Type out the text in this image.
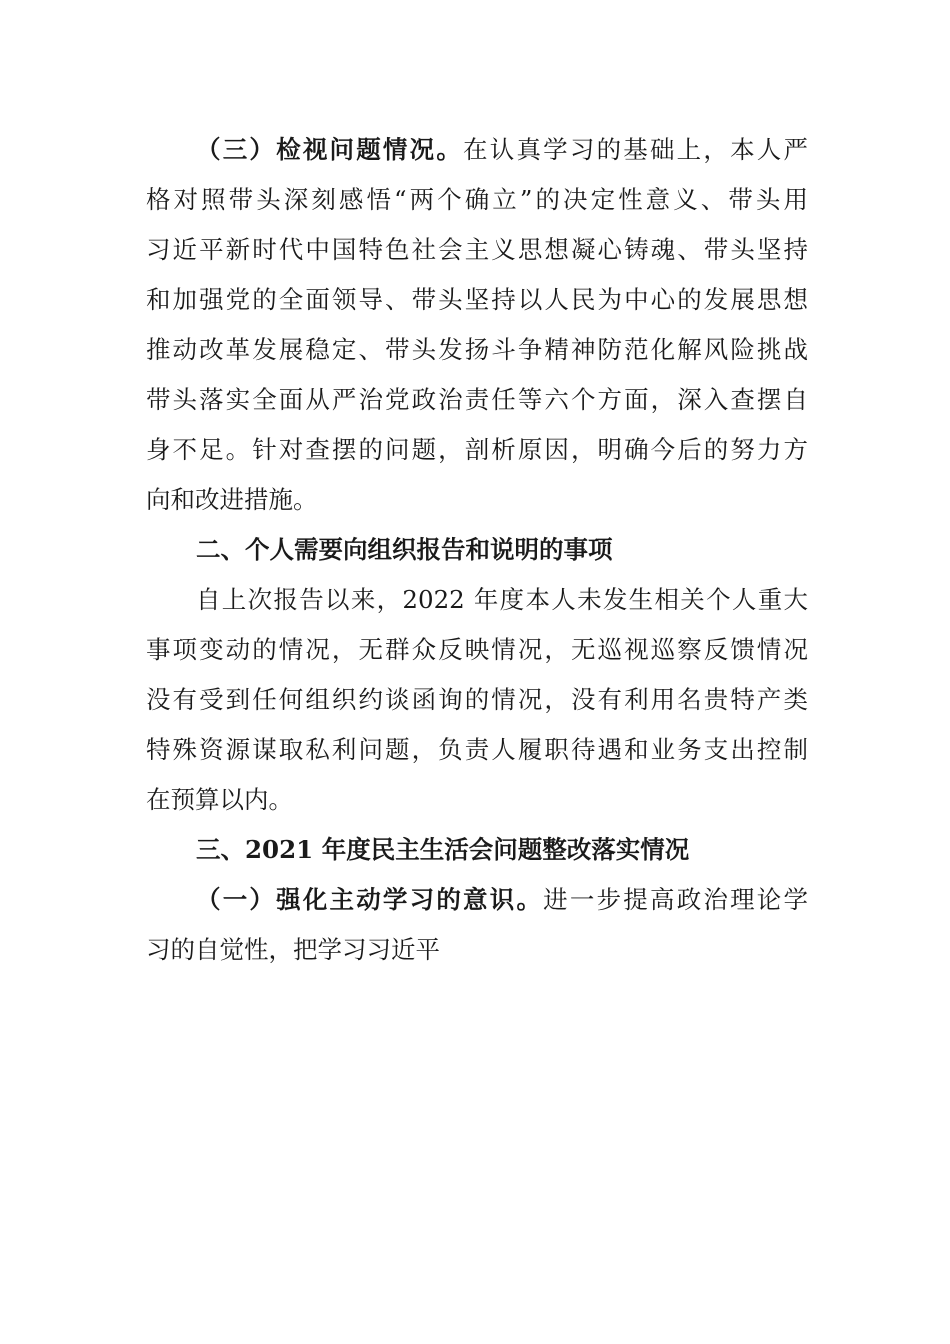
（三）检视问题情况。在认真学习的基础上，本人严
格对照带头深刻感悟“两个确立”的决定性意义、带头用
习近平新时代中国特色社会主义思想凝心铸魂、带头坚持
和加强党的全面领导、带头坚持以人民为中心的发展思想
推动改革发展稳定、带头发扬斗争精神防范化解风险挑战
带头落实全面从严治党政治责任等六个方面，深入查摆自
身不足。针对查摆的问题，剖析原因，明确今后的努力方
向和改进措施。
二、个人需要向组织报告和说明的事项
自上次报告以来，2022 年度本人未发生相关个人重大
事项变动的情况，无群众反映情况，无巡视巡察反馈情况
没有受到任何组织约谈函询的情况，没有利用名贵特产类
特殊资源谋取私利问题，负责人履职待遇和业务支出控制
在预算以内。
三、2021 年度民主生活会问题整改落实情况
（一）强化主动学习的意识。进一步提高政治理论学
习的自觉性，把学习习近平
